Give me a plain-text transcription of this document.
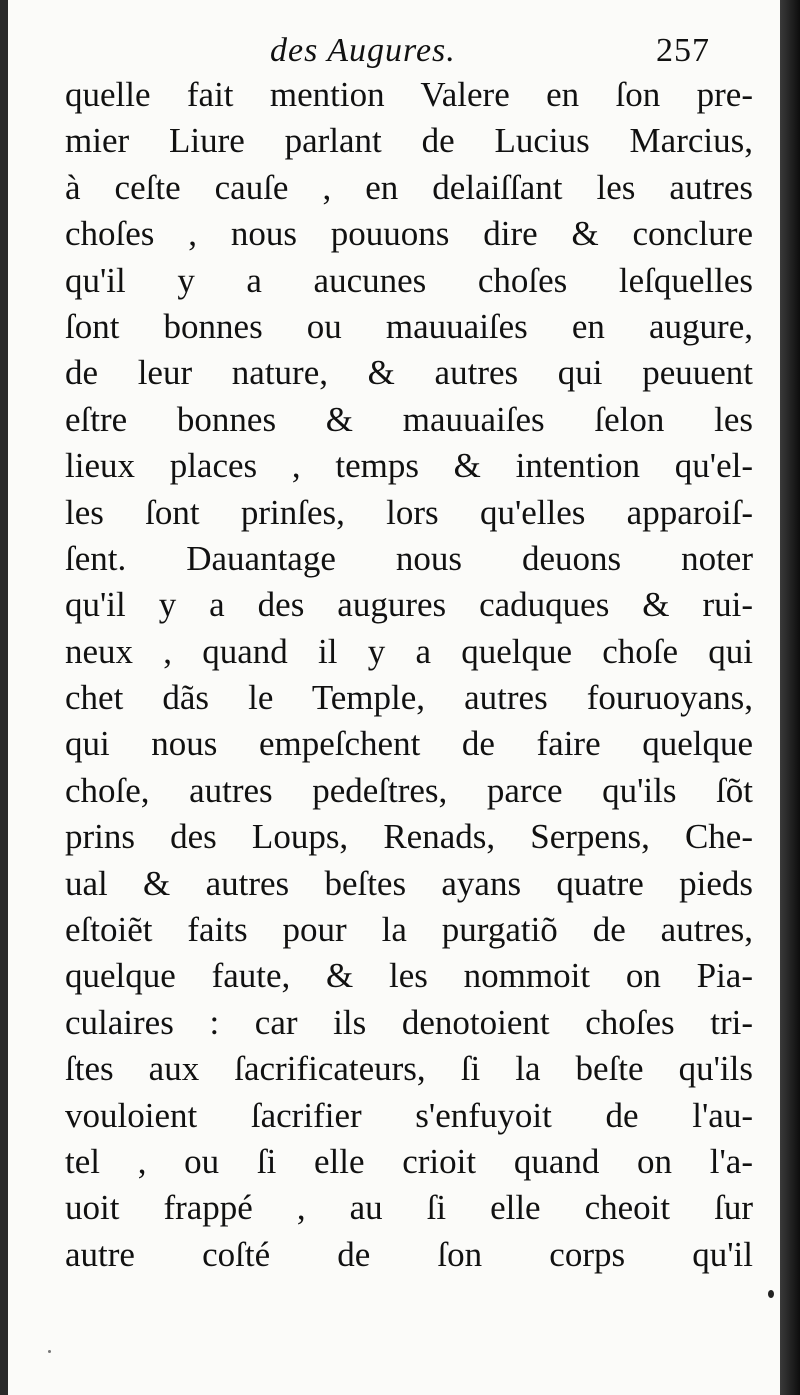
des Augures.	257
quelle fait mention Valere en ſon pre-
mier Liure parlant de Lucius Marcius,
à ceſte cauſe , en delaiſſant les autres
choſes , nous pouuons dire & conclure
qu'il y a aucunes choſes leſquelles
ſont bonnes ou mauuaiſes en augure,
de leur nature, & autres qui peuuent
eſtre bonnes & mauuaiſes ſelon les
lieux places , temps & intention qu'el-
les ſont prinſes, lors qu'elles apparoiſ-
ſent. Dauantage nous deuons noter
qu'il y a des augures caduques & rui-
neux , quand il y a quelque choſe qui
chet dãs le Temple, autres fouruoyans,
qui nous empeſchent de faire quelque
choſe, autres pedeſtres, parce qu'ils ſõt
prins des Loups, Renads, Serpens, Che-
ual & autres beſtes ayans quatre pieds
eſtoiẽt faits pour la purgatiõ de autres,
quelque faute, & les nommoit on Pia-
culaires : car ils denotoient choſes tri-
ſtes aux ſacrificateurs, ſi la beſte qu'ils
vouloient ſacrifier s'enfuyoit de l'au-
tel , ou ſi elle crioit quand on l'a-
uoit frappé , au ſi elle cheoit ſur
autre coſté de ſon corps qu'il
